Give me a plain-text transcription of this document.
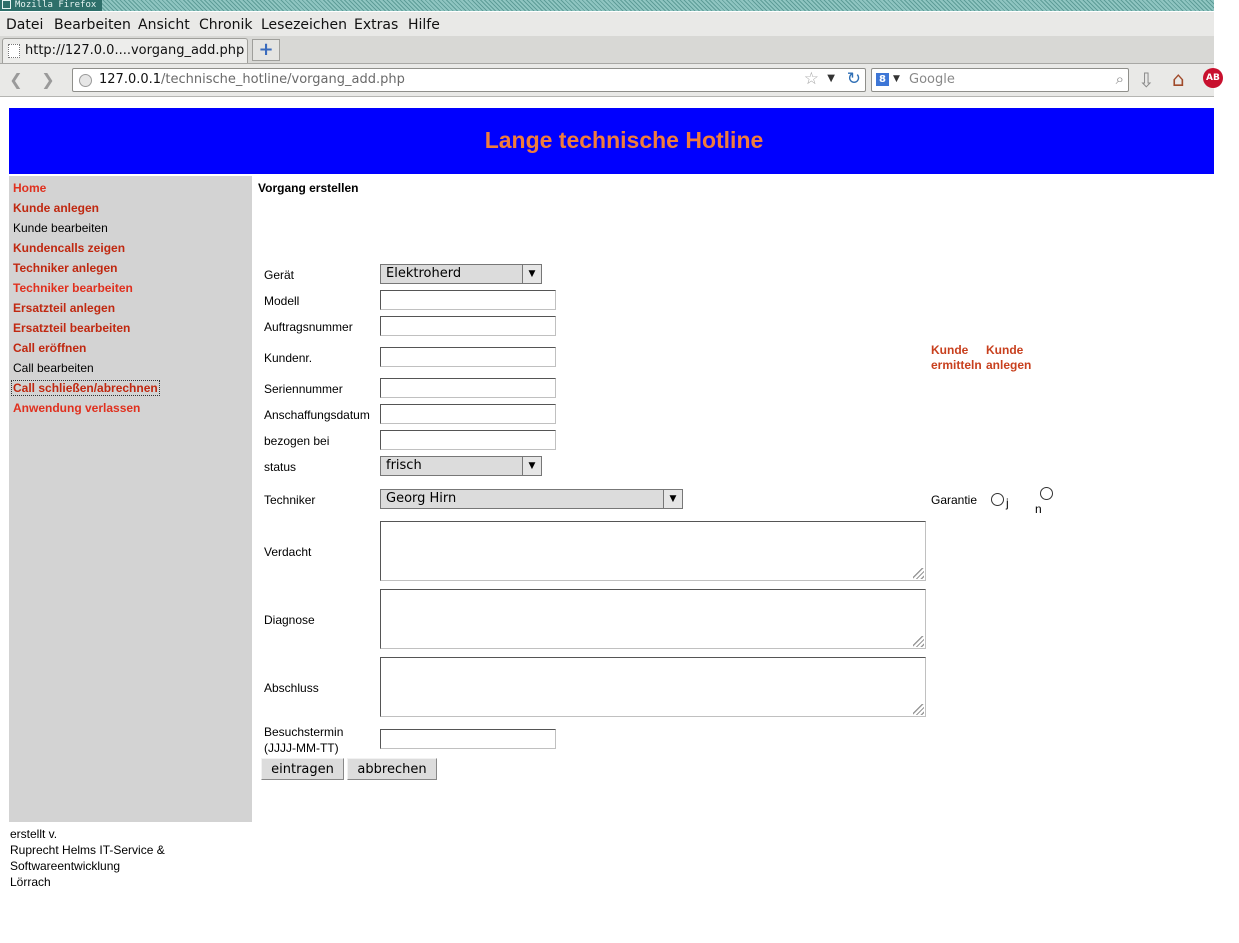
Mozilla Firefox
Datei Bearbeiten Ansicht Chronik Lesezeichen Extras Hilfe
http://127.0.0....vorgang_add.php +
❮	❯	127.0.0.1/technische_hotline/vorgang_add.php	☆ ▼ ↻	8 ▼ Google	⌕ ⇩ ⌂	AB
Lange technische Hotline
Home
Kunde anlegen
Kunde bearbeiten
Kundencalls zeigen
Techniker anlegen
Techniker bearbeiten
Ersatzteil anlegen
Ersatzteil bearbeiten
Call eröffnen
Call bearbeiten
Call schließen/abrechnen
Anwendung verlassen
erstellt v.
Ruprecht Helms IT-Service &
Softwareentwicklung
Lörrach
Vorgang erstellen
Gerät	Elektroherd	▼
Modell
Auftragsnummer
Kundenr.
Kunde
ermitteln
Kunde
anlegen
Seriennummer
Anschaffungsdatum
bezogen bei
status	frisch	▼
Techniker	Georg Hirn	▼	Garantie j n
Verdacht
Diagnose
Abschluss
Besuchstermin
(JJJJ-MM-TT)
eintragen	abbrechen
